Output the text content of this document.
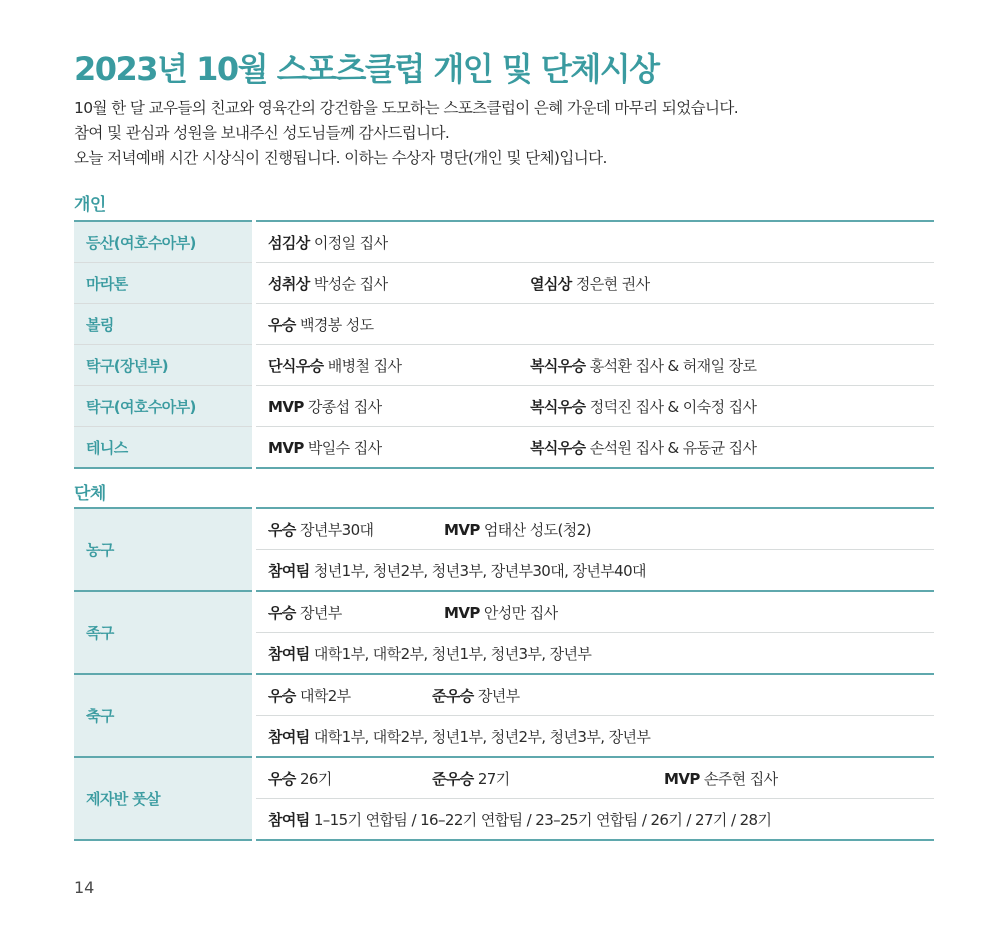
2023년 10월 스포츠클럽 개인 및 단체시상

10월 한 달 교우들의 친교와 영육간의 강건함을 도모하는 스포츠클럽이 은혜 가운데 마무리 되었습니다.

참여 및 관심과 성원을 보내주신 성도님들께 감사드립니다.

오늘 저녁예배 시간 시상식이 진행됩니다. 이하는 수상자 명단(개인 및 단체)입니다.

개인
등산(여호수아부)	섬김상 이정일 집사	
마라톤	성취상 박성순 집사	열심상 정은현 권사
볼링	우승 백경봉 성도	
탁구(장년부)	단식우승 배병철 집사	복식우승 홍석환 집사 & 허재일 장로
탁구(여호수아부)	MVP 강종섭 집사	복식우승 정덕진 집사 & 이숙정 집사
테니스	MVP 박일수 집사	복식우승 손석원 집사 & 유동균 집사
단체
농구	우승 장년부30대 MVP 엄태산 성도(청2)
	참여팀 청년1부, 청년2부, 청년3부, 장년부30대, 장년부40대
족구	우승 장년부 MVP 안성만 집사
	참여팀 대학1부, 대학2부, 청년1부, 청년3부, 장년부
축구	우승 대학2부 준우승 장년부
	참여팀 대학1부, 대학2부, 청년1부, 청년2부, 청년3부, 장년부
제자반 풋살	우승 26기 준우승 27기 MVP 손주현 집사
	참여팀 1–15기 연합팀 / 16–22기 연합팀 / 23–25기 연합팀 / 26기 / 27기 / 28기
14
